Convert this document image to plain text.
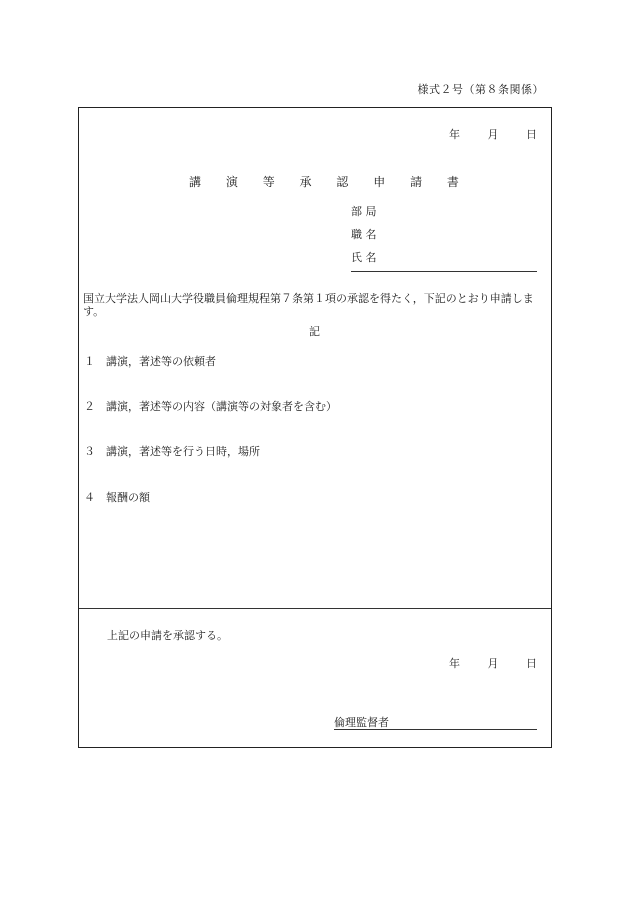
様式２号（第８条関係）
年	月	日
講 演 等 承 認 申 請 書
部 局
職 名
氏 名
国立大学法人岡山大学役職員倫理規程第７条第１項の承認を得たく，下記のとおり申請します。
記
１ 講演，著述等の依頼者
２ 講演，著述等の内容（講演等の対象者を含む）
３ 講演，著述等を行う日時，場所
４ 報酬の額
上記の申請を承認する。
年	月	日
倫理監督者
